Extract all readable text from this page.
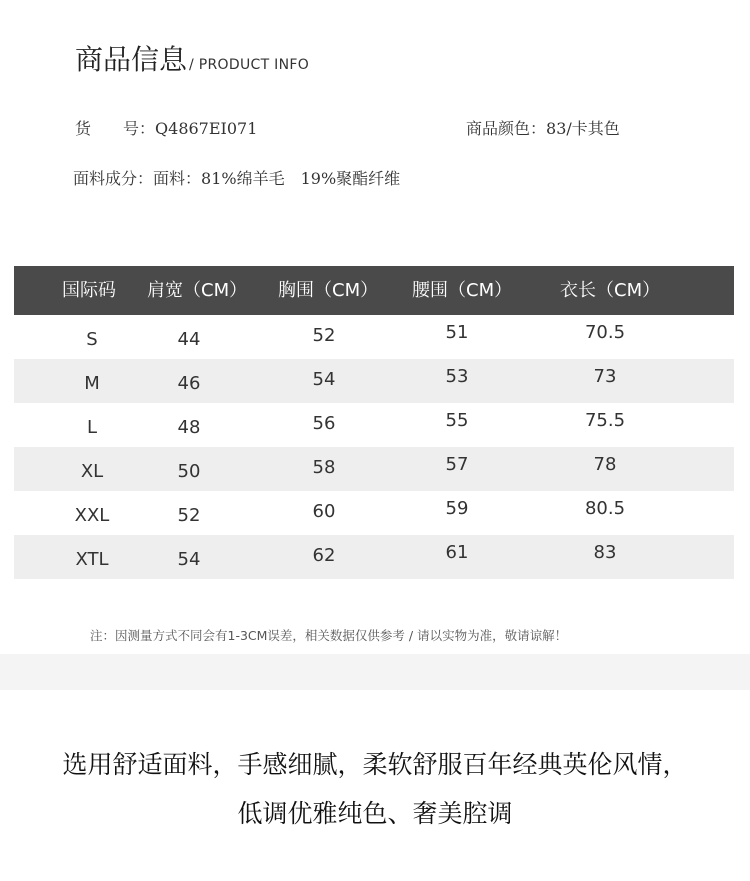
商品信息 / PRODUCT INFO
货　　号：Q4867EI071	商品颜色：83/卡其色
面料成分：面料：81%绵羊毛　19%聚酯纤维
国际码 肩宽（CM） 胸围（CM） 腰围（CM）	衣长（CM）
S	44	52	51	70.5
M	46	54	53	73
L	48	56	55	75.5
XL	50	58	57	78
XXL	52	60	59	80.5
XTL	54	62	61	83
注：因测量方式不同会有1-3CM误差，相关数据仅供参考 / 请以实物为准，敬请谅解！
选用舒适面料，手感细腻，柔软舒服百年经典英伦风情，
低调优雅纯色、奢美腔调
